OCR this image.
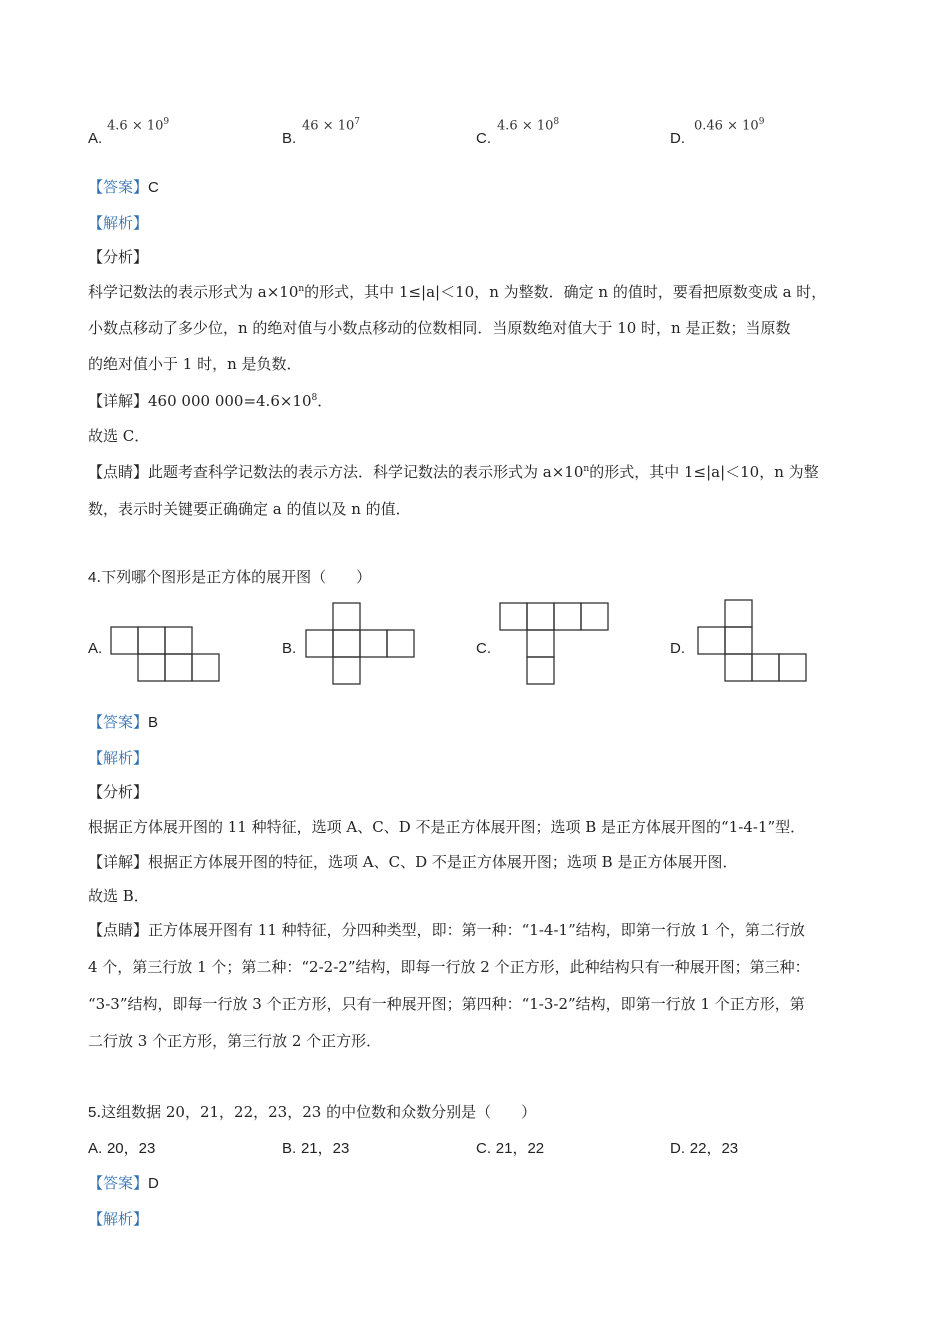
A.
$4.6 \times 10^9$
B.
$46 \times 10^7$
C.
$4.6 \times 10^8$
D.
$0.46 \times 10^9$
【答案】C
【解析】
【分析】
科学记数法的表示形式为 $a\times 10^n$的形式，其中 1≤|a|＜10，n 为整数．确定 n 的值时，要看把原数变成 a 时，
小数点移动了多少位，n 的绝对值与小数点移动的位数相同．当原数绝对值大于 10 时，n 是正数；当原数
的绝对值小于 1 时，n 是负数．
【详解】460 000 $000=4.6\times 10^8$．
故选 C．
【点睛】此题考查科学记数法的表示方法．科学记数法的表示形式为 $a\times 10^n$的形式，其中 1≤|a|＜10，n 为整
数，表示时关键要正确确定 a 的值以及 n 的值．
4.下列哪个图形是正方体的展开图（　　）
A.	B.	C.	D.
【答案】B
【解析】
【分析】
根据正方体展开图的 11 种特征，选项 A、C、D 不是正方体展开图；选项 B 是正方体展开图的“1-4-1”型．
【详解】根据正方体展开图的特征，选项 A、C、D 不是正方体展开图；选项 B 是正方体展开图．
故选 B．
【点睛】正方体展开图有 11 种特征，分四种类型，即：第一种：“1-4-1”结构，即第一行放 1 个，第二行放
4 个，第三行放 1 个；第二种：“2-2-2”结构，即每一行放 2 个正方形，此种结构只有一种展开图；第三种：
“3-3”结构，即每一行放 3 个正方形，只有一种展开图；第四种：“1-3-2”结构，即第一行放 1 个正方形，第
二行放 3 个正方形，第三行放 2 个正方形．
5.这组数据 20，21，22，23，23 的中位数和众数分别是（　　）
A. 20，23	B. 21，23	C. 21，22	D. 22，23
【答案】D
【解析】
